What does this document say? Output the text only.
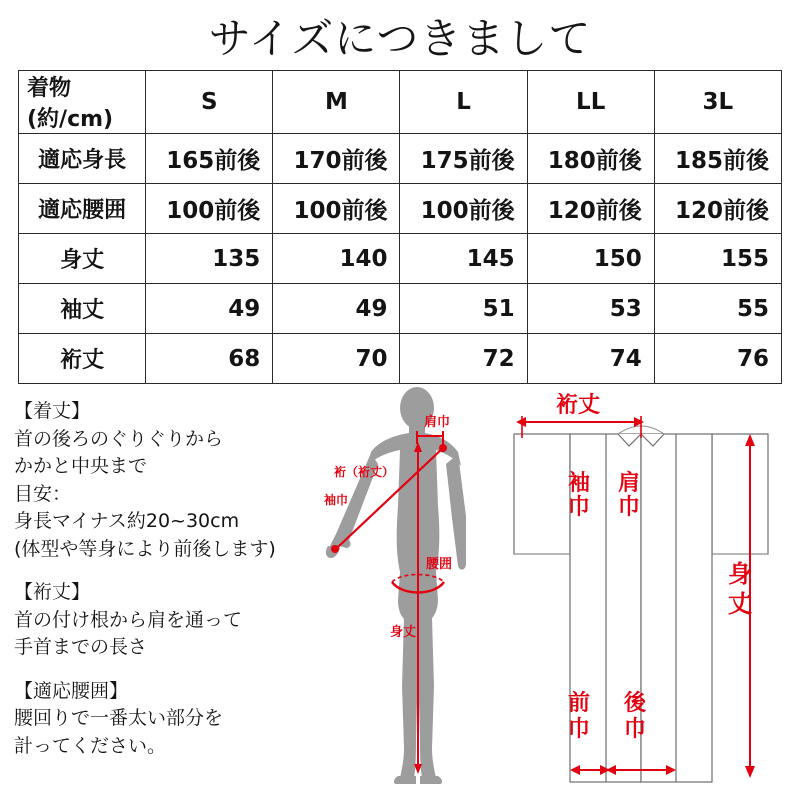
サイズにつきまして
着物(約/cm)	S	M	L	LL	3L
適応身長	165前後	170前後	175前後	180前後	185前後
適応腰囲	100前後	100前後	100前後	120前後	120前後
身丈	135	140	145	150	155
袖丈	49	49	51	53	55
裄丈	68	70	72	74	76
【着丈】
首の後ろのぐりぐりから
かかと中央まで
目安：
身長マイナス約20~30cm
(体型や等身により前後します)
【裄丈】
首の付け根から肩を通って
手首までの長さ
【適応腰囲】
腰回りで一番太い部分を
計ってください。
肩巾
裄（裄丈）
袖巾
腰囲
身丈
裄丈
袖
巾
肩
巾
身
丈
前
巾
後
巾
